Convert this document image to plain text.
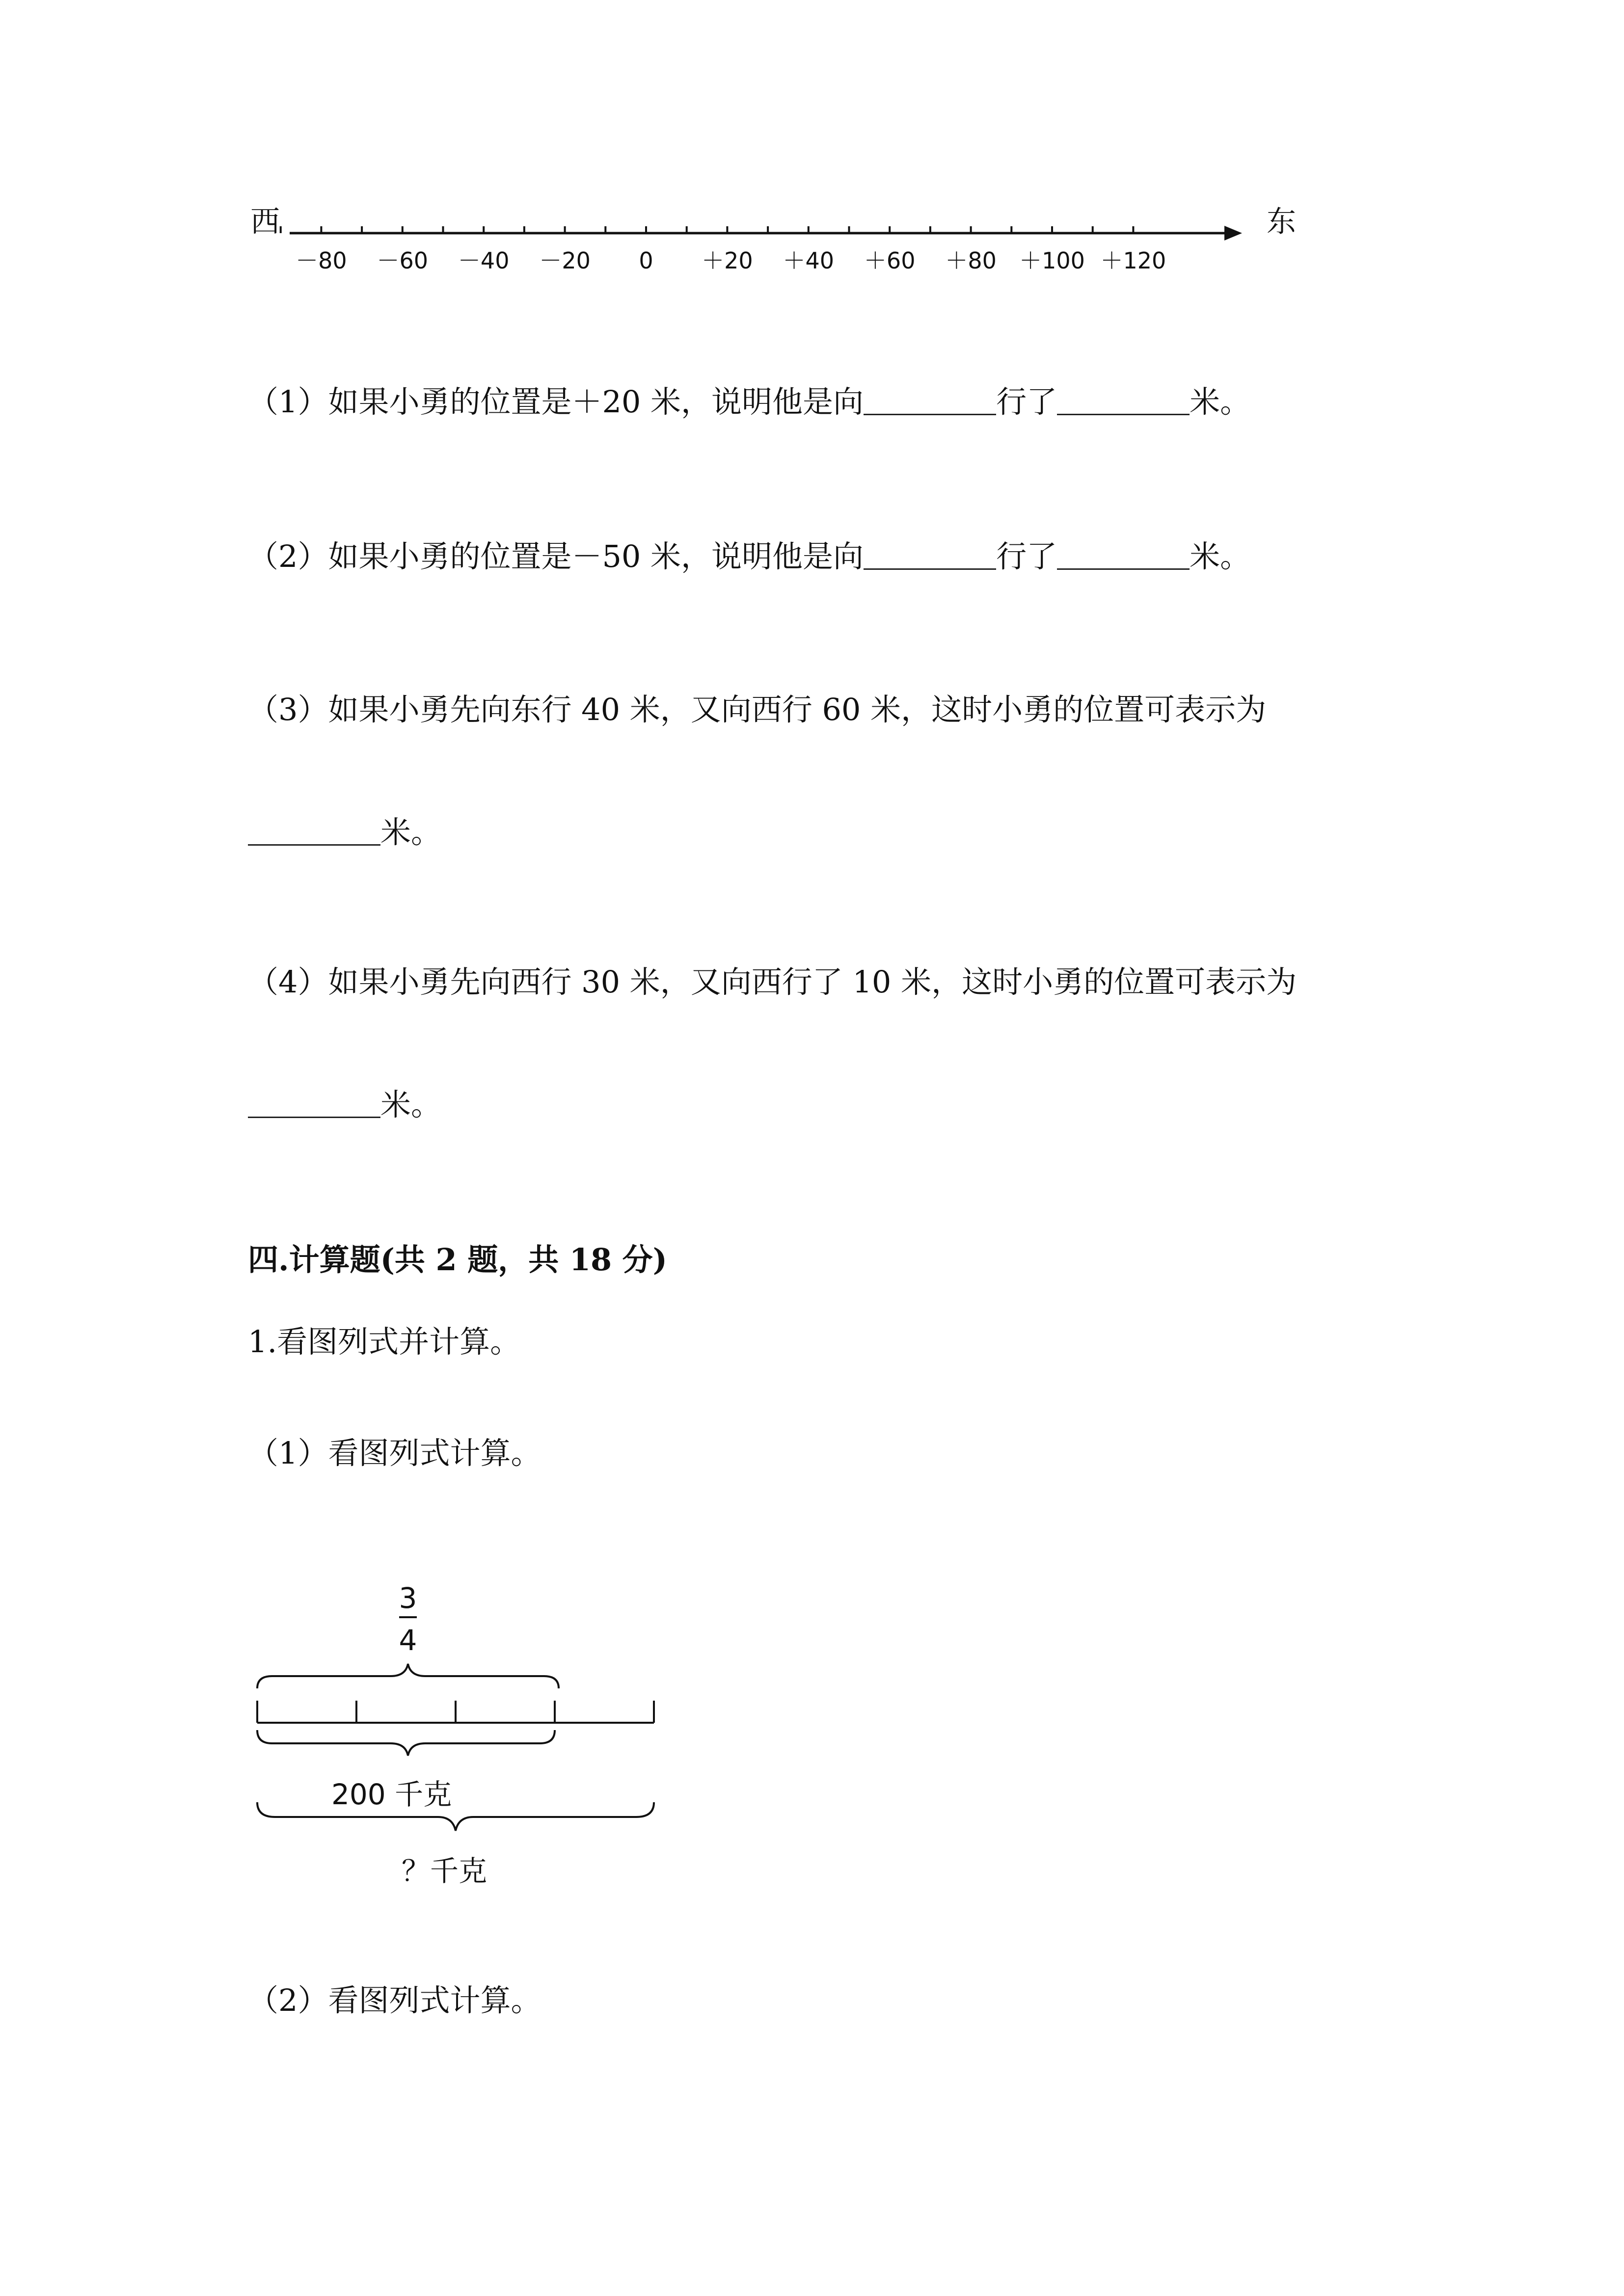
西	东
－80 －60 －40 －20 0 ＋20 ＋40 ＋60 ＋80 ＋100 ＋120
（1）如果小勇的位置是＋20 米，说明他是向	行了	米。
（2）如果小勇的位置是－50 米，说明他是向	行了	米。
（3）如果小勇先向东行 40 米，又向西行 60 米，这时小勇的位置可表示为
米。
（4）如果小勇先向西行 30 米，又向西行了 10 米，这时小勇的位置可表示为
米。
四.计算题(共 2 题，共 18 分)
1.看图列式并计算。
（1）看图列式计算。
3
4
200 千克
？千克
（2）看图列式计算。
